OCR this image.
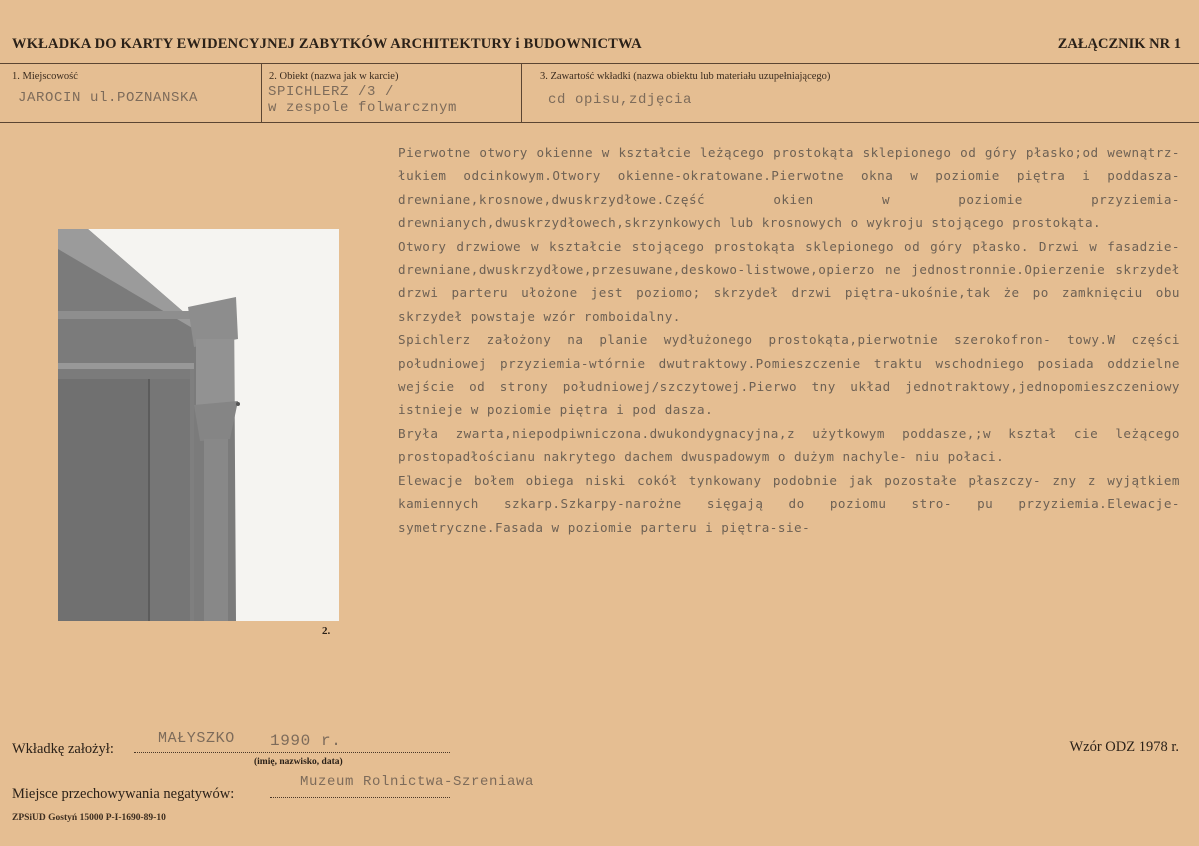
WKŁADKA DO KARTY EWIDENCYJNEJ ZABYTKÓW ARCHITEKTURY i BUDOWNICTWA	ZAŁĄCZNIK NR 1
1. Miejscowość
JAROCIN ul.POZNANSKA
2. Obiekt (nazwa jak w karcie)
SPICHLERZ /3 /
w zespole folwarcznym
3. Zawartość wkładki (nazwa obiektu lub materiału uzupełniającego)
cd opisu,zdjęcia
2.
Pierwotne otwory okienne w kształcie leżącego prostokąta sklepionego od góry płasko;od wewnątrz-łukiem odcinkowym.Otwory okienne-okratowane.Pierwotne okna w poziomie piętra i poddasza-drewniane,krosnowe,dwuskrzydłowe.Część okien w poziomie przyziemia-drewnianych,dwuskrzydłowech,skrzynkowych lub krosnowych o wykroju stojącego prostokąta.
Otwory drzwiowe w kształcie stojącego prostokąta sklepionego od góry płasko. Drzwi w fasadzie-drewniane,dwuskrzydłowe,przesuwane,deskowo-listwowe,opierzo ne jednostronnie.Opierzenie skrzydeł drzwi parteru ułożone jest poziomo; skrzydeł drzwi piętra-ukośnie,tak że po zamknięciu obu skrzydeł powstaje wzór romboidalny.
Spichlerz założony na planie wydłużonego prostokąta,pierwotnie szerokofron- towy.W części południowej przyziemia-wtórnie dwutraktowy.Pomieszczenie traktu wschodniego posiada oddzielne wejście od strony południowej/szczytowej.Pierwo tny układ jednotraktowy,jednopomieszczeniowy istnieje w poziomie piętra i pod dasza.
Bryła zwarta,niepodpiwniczona.dwukondygnacyjna,z użytkowym poddasze,;w kształ cie leżącego prostopadłościanu nakrytego dachem dwuspadowym o dużym nachyle- niu połaci.
Elewacje bołem obiega niski cokół tynkowany podobnie jak pozostałe płaszczy- zny z wyjątkiem kamiennych szkarp.Szkarpy-narożne sięgają do poziomu stro- pu przyziemia.Elewacje-symetryczne.Fasada w poziomie parteru i piętra-sie-
Wkładkę założył:
MAŁYSZKO 1990 r.
(imię, nazwisko, data)
Miejsce przechowywania negatywów:
Muzeum Rolnictwa-Szreniawa
Wzór ODZ 1978 r.
ZPSiUD Gostyń 15000 P-I-1690-89-10
